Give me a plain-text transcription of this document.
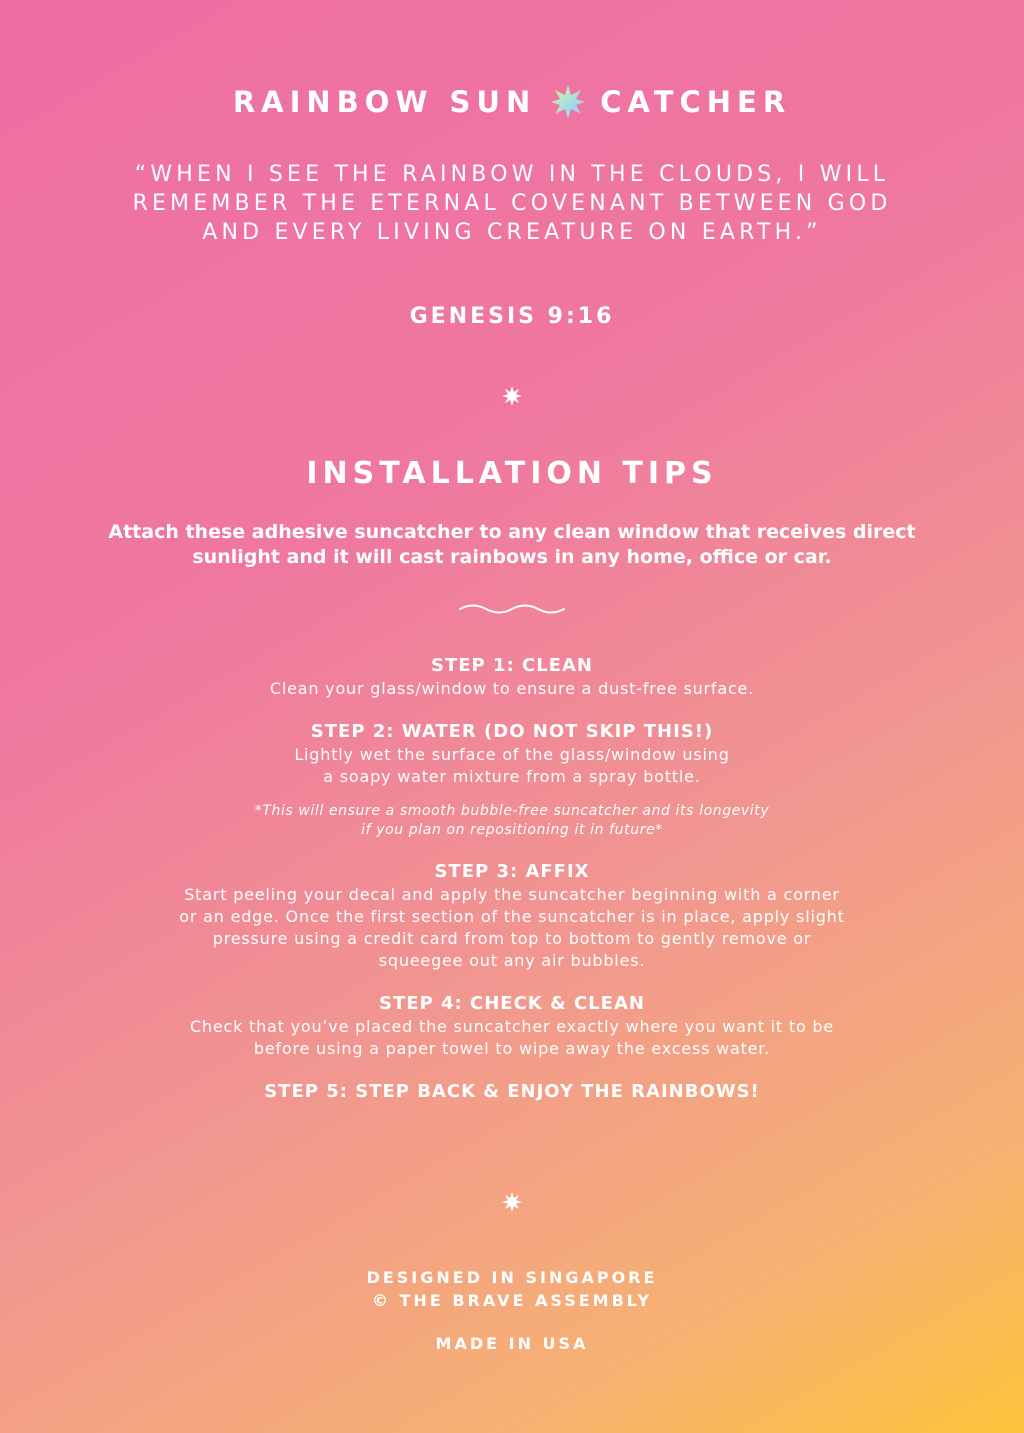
RAINBOW SUN CATCHER
“WHEN I SEE THE RAINBOW IN THE CLOUDS, I WILL REMEMBER THE ETERNAL COVENANT BETWEEN GOD AND EVERY LIVING CREATURE ON EARTH.”
GENESIS 9:16
INSTALLATION TIPS
Attach these adhesive suncatcher to any clean window that receives direct sunlight and it will cast rainbows in any home, office or car.
STEP 1: CLEAN
Clean your glass/window to ensure a dust-free surface.
STEP 2: WATER (DO NOT SKIP THIS!)
Lightly wet the surface of the glass/window using
a soapy water mixture from a spray bottle.
*This will ensure a smooth bubble-free suncatcher and its longevity
if you plan on repositioning it in future*
STEP 3: AFFIX
Start peeling your decal and apply the suncatcher beginning with a corner
or an edge. Once the first section of the suncatcher is in place, apply slight
pressure using a credit card from top to bottom to gently remove or
squeegee out any air bubbles.
STEP 4: CHECK & CLEAN
Check that you’ve placed the suncatcher exactly where you want it to be
before using a paper towel to wipe away the excess water.
STEP 5: STEP BACK & ENJOY THE RAINBOWS!
DESIGNED IN SINGAPORE
© THE BRAVE ASSEMBLY
MADE IN USA
